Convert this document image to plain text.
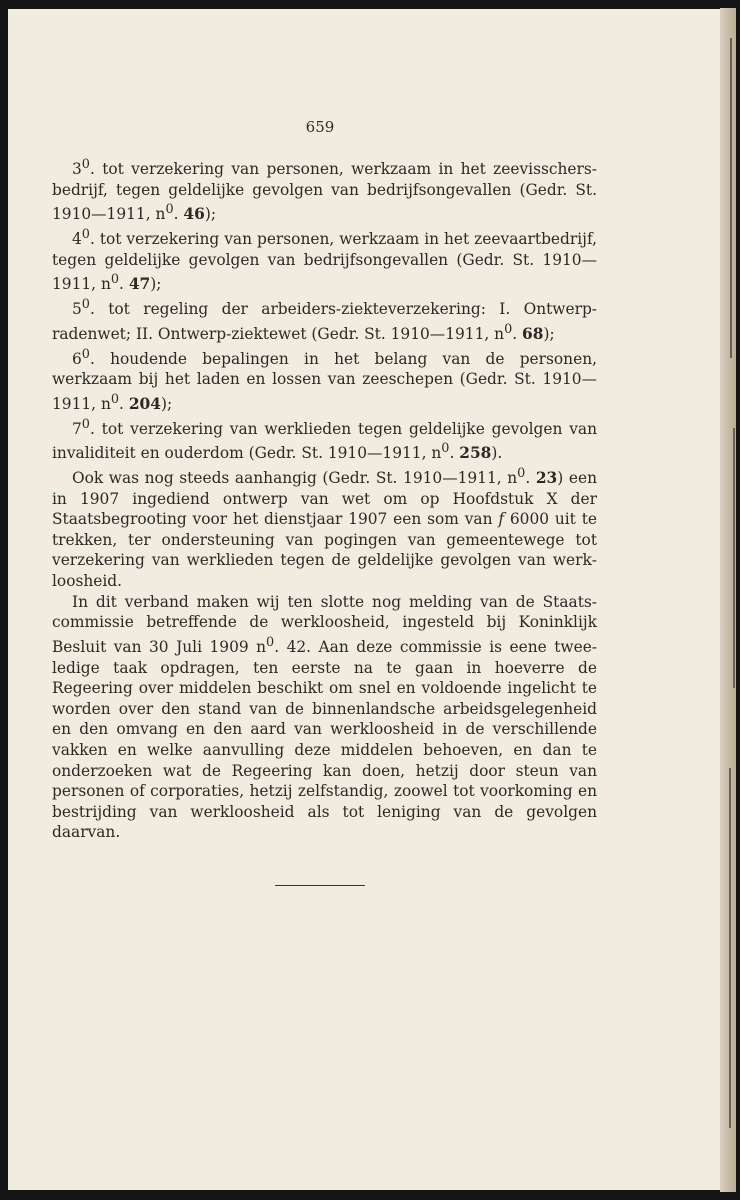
659

$3^0$. tot verzekering van personen, werkzaam in het zeevisschersbedrijf, tegen geldelijke gevolgen van bedrijfsongevallen (Gedr. St. 1910—1911, $n^0$. 46);

$4^0$. tot verzekering van personen, werkzaam in het zeevaartbedrijf, tegen geldelijke gevolgen van bedrijfsongevallen (Gedr. St. 1910—1911, $n^0$. 47);

$5^0$. tot regeling der arbeiders-ziekteverzekering: I. Ontwerpradenwet; II. Ontwerp-ziektewet (Gedr. St. 1910—1911, $n^0$. 68);

$6^0$. houdende bepalingen in het belang van de personen, werkzaam bij het laden en lossen van zeeschepen (Gedr. St. 1910—1911, $n^0$. 204);

$7^0$. tot verzekering van werklieden tegen geldelijke gevolgen van invaliditeit en ouderdom (Gedr. St. 1910—1911, $n^0$. 258).

Ook was nog steeds aanhangig (Gedr. St. 1910—1911, $n^0$. 23) een in 1907 ingediend ontwerp van wet om op Hoofdstuk X der Staatsbegrooting voor het dienstjaar 1907 een som van f 6000 uit te trekken, ter ondersteuning van pogingen van gemeentewege tot verzekering van werklieden tegen de geldelijke gevolgen van werkloosheid.

In dit verband maken wij ten slotte nog melding van de Staatscommissie betreffende de werkloosheid, ingesteld bij Koninklijk Besluit van 30 Juli 1909 $n^0$. 42. Aan deze commissie is eene tweeledige taak opdragen, ten eerste na te gaan in hoeverre de Regeering over middelen beschikt om snel en voldoende ingelicht te worden over den stand van de binnenlandsche arbeidsgelegenheid en den omvang en den aard van werkloosheid in de verschillende vakken en welke aanvulling deze middelen behoeven, en dan te onderzoeken wat de Regeering kan doen, hetzij door steun van personen of corporaties, hetzij zelfstandig, zoowel tot voorkoming en bestrijding van werkloosheid als tot leniging van de gevolgen daarvan.
